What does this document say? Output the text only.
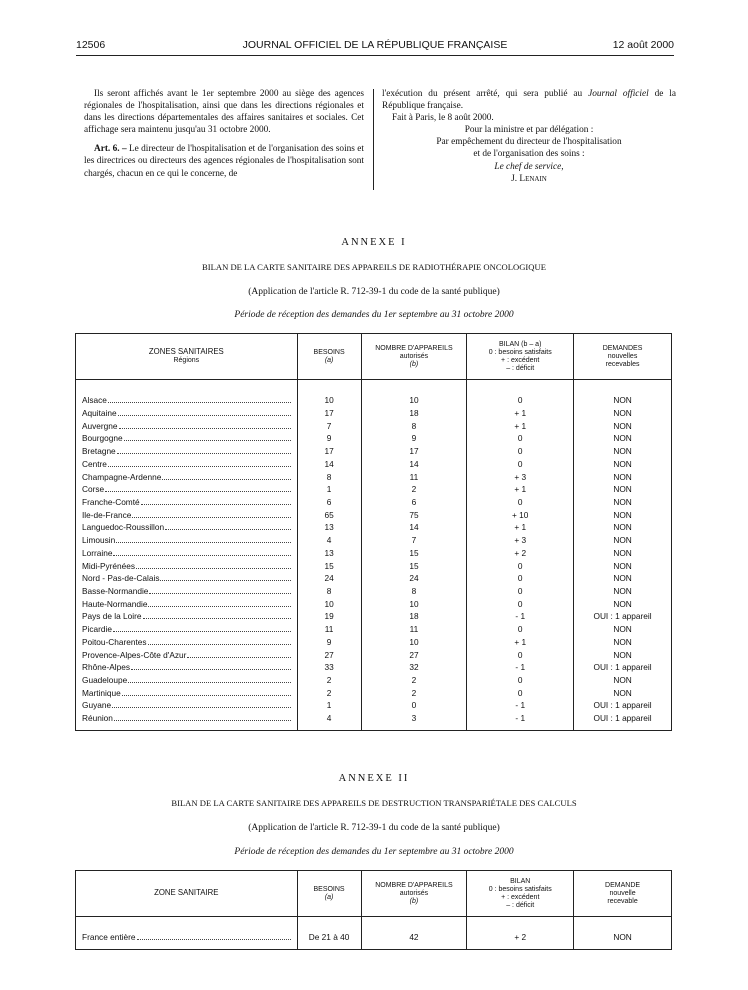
12506	JOURNAL OFFICIEL DE LA RÉPUBLIQUE FRANÇAISE	12 août 2000

Ils seront affichés avant le 1er septembre 2000 au siège des agences régionales de l'hospitalisation, ainsi que dans les directions régionales et dans les directions départementales des affaires sanitaires et sociales. Cet affichage sera maintenu jusqu'au 31 octobre 2000.

Art. 6. – Le directeur de l'hospitalisation et de l'organisation des soins et les directrices ou directeurs des agences régionales de l'hospitalisation sont chargés, chacun en ce qui le concerne, de

l'exécution du présent arrêté, qui sera publié au Journal officiel de la République française.

Fait à Paris, le 8 août 2000.

Pour la ministre et par délégation :

Par empêchement du directeur de l'hospitalisation

et de l'organisation des soins :

Le chef de service,

J. Lenain

ANNEXE I
BILAN DE LA CARTE SANITAIRE DES APPAREILS DE RADIOTHÉRAPIE ONCOLOGIQUE
(Application de l'article R. 712-39-1 du code de la santé publique)
Période de réception des demandes du 1er septembre au 31 octobre 2000
ZONES SANITAIRES
Régions	BESOINS
(a)	NOMBRE D'APPAREILS
autorisés
(b)	BILAN (b – a)
0 : besoins satisfaits
+ : excédent
– : déficit	DEMANDES
nouvelles
recevables

Alsace	10	10	0	NON

Aquitaine	17	18	+ 1	NON

Auvergne	7	8	+ 1	NON

Bourgogne	9	9	0	NON

Bretagne	17	17	0	NON

Centre	14	14	0	NON

Champagne-Ardenne	8	11	+ 3	NON

Corse	1	2	+ 1	NON

Franche-Comté	6	6	0	NON

Ile-de-France	65	75	+ 10	NON

Languedoc-Roussillon	13	14	+ 1	NON

Limousin	4	7	+ 3	NON

Lorraine	13	15	+ 2	NON

Midi-Pyrénées	15	15	0	NON

Nord - Pas-de-Calais	24	24	0	NON

Basse-Normandie	8	8	0	NON

Haute-Normandie	10	10	0	NON

Pays de la Loire	19	18	- 1	OUI : 1 appareil

Picardie	11	11	0	NON

Poitou-Charentes	9	10	+ 1	NON

Provence-Alpes-Côte d'Azur	27	27	0	NON

Rhône-Alpes	33	32	- 1	OUI : 1 appareil

Guadeloupe	2	2	0	NON

Martinique	2	2	0	NON

Guyane	1	0	- 1	OUI : 1 appareil

Réunion	4	3	- 1	OUI : 1 appareil

ANNEXE II
BILAN DE LA CARTE SANITAIRE DES APPAREILS DE DESTRUCTION TRANSPARIÉTALE DES CALCULS
(Application de l'article R. 712-39-1 du code de la santé publique)
Période de réception des demandes du 1er septembre au 31 octobre 2000
ZONE SANITAIRE	BESOINS
(a)	NOMBRE D'APPAREILS
autorisés
(b)	BILAN
0 : besoins satisfaits
+ : excédent
– : déficit	DEMANDE
nouvelle
recevable

France entière	De 21 à 40	42	+ 2	NON
